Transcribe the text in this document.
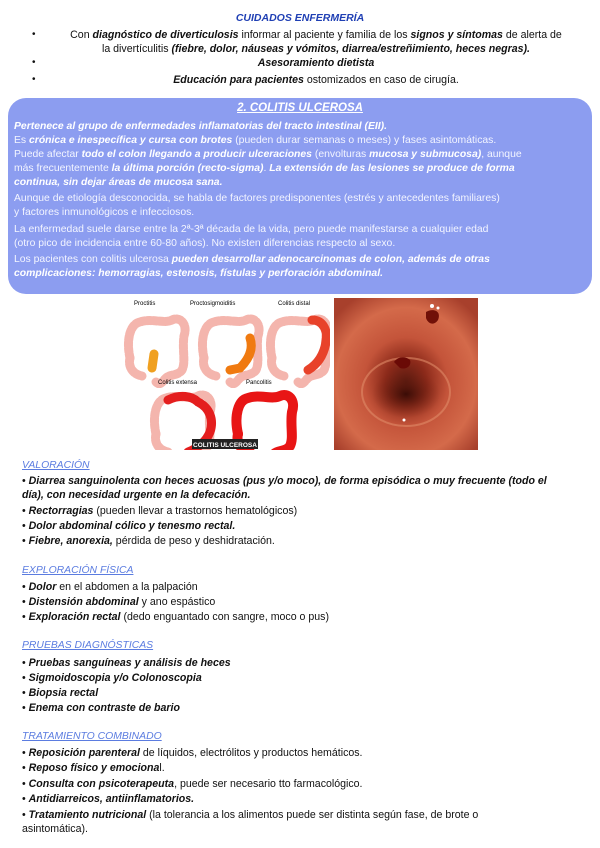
CUIDADOS ENFERMERÍA
•	Con diagnóstico de diverticulosis informar al paciente y familia de los signos y síntomas de alerta de
la divertículitis (fiebre, dolor, náuseas y vómitos, diarrea/estreñimiento, heces negras).
•	Asesoramiento dietista
•	Educación para pacientes ostomizados en caso de cirugía.
2. COLITIS ULCEROSA
Pertenece al grupo de enfermedades inflamatorias del tracto intestinal (EII).
Es crónica e inespecífica y cursa con brotes (pueden durar semanas o meses) y fases asintomáticas.
Puede afectar todo el colon llegando a producir ulceraciones (envolturas mucosa y submucosa), aunque
más frecuentemente la última porción (recto-sigma). La extensión de las lesiones se produce de forma
continua, sin dejar áreas de mucosa sana.
Aunque de etiología desconocida, se habla de factores predisponentes (estrés y antecedentes familiares)
y factores inmunológicos e infecciosos.
La enfermedad suele darse entre la 2ª-3ª década de la vida, pero puede manifestarse a cualquier edad
(otro pico de incidencia entre 60-80 años). No existen diferencias respecto al sexo.
Los pacientes con colitis ulcerosa pueden desarrollar adenocarcinomas de colon, además de otras
complicaciones: hemorragias, estenosis, fístulas y perforación abdominal.
Proctitis	Proctosigmoiditis	Colitis distal
Colitis extensa	Pancolitis
COLITIS ULCEROSA
VALORACIÓN
• Diarrea sanguinolenta con heces acuosas (pus y/o moco), de forma episódica o muy frecuente (todo el
día), con necesidad urgente en la defecación.
• Rectorragias (pueden llevar a trastornos hematológicos)
• Dolor abdominal cólico y tenesmo rectal.
• Fiebre, anorexia, pérdida de peso y deshidratación.
EXPLORACIÓN FÍSICA
• Dolor en el abdomen a la palpación
• Distensión abdominal y ano espástico
• Exploración rectal (dedo enguantado con sangre, moco o pus)
PRUEBAS DIAGNÓSTICAS
• Pruebas sanguíneas y análisis de heces
• Sigmoidoscopia y/o Colonoscopia
• Biopsia rectal
• Enema con contraste de bario
TRATAMIENTO COMBINADO
• Reposición parenteral de líquidos, electrólitos y productos hemáticos.
• Reposo físico y emocional.
• Consulta con psicoterapeuta, puede ser necesario tto farmacológico.
• Antidiarreicos, antiinflamatorios.
• Tratamiento nutricional (la tolerancia a los alimentos puede ser distinta según fase, de brote o
asintomática).
